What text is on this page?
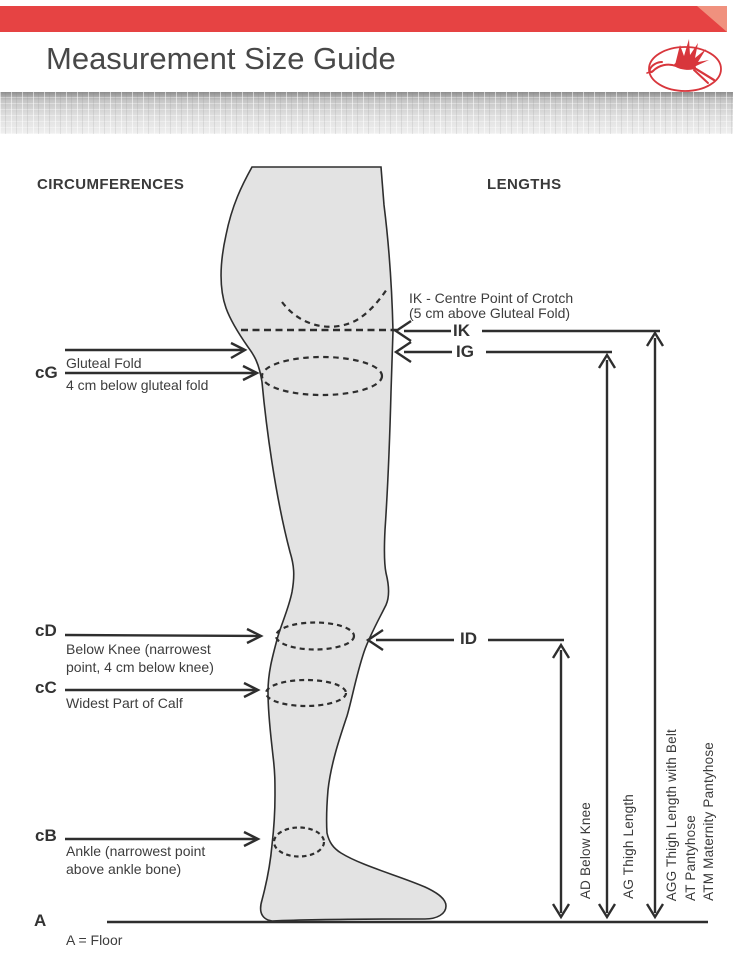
Measurement Size Guide
CIRCUMFERENCES	LENGTHS
Gluteal Fold
cG
4 cm below gluteal fold
cD
Below Knee (narrowest
point, 4 cm below knee)
cC
Widest Part of Calf
cB
Ankle (narrowest point
above ankle bone)
A
A = Floor
IK - Centre Point of Crotch
(5 cm above Gluteal Fold)
IK
IG
ID
AD Below Knee AG Thigh Length AGG Thigh Length with Belt AT Pantyhose ATM Maternity Pantyhose
